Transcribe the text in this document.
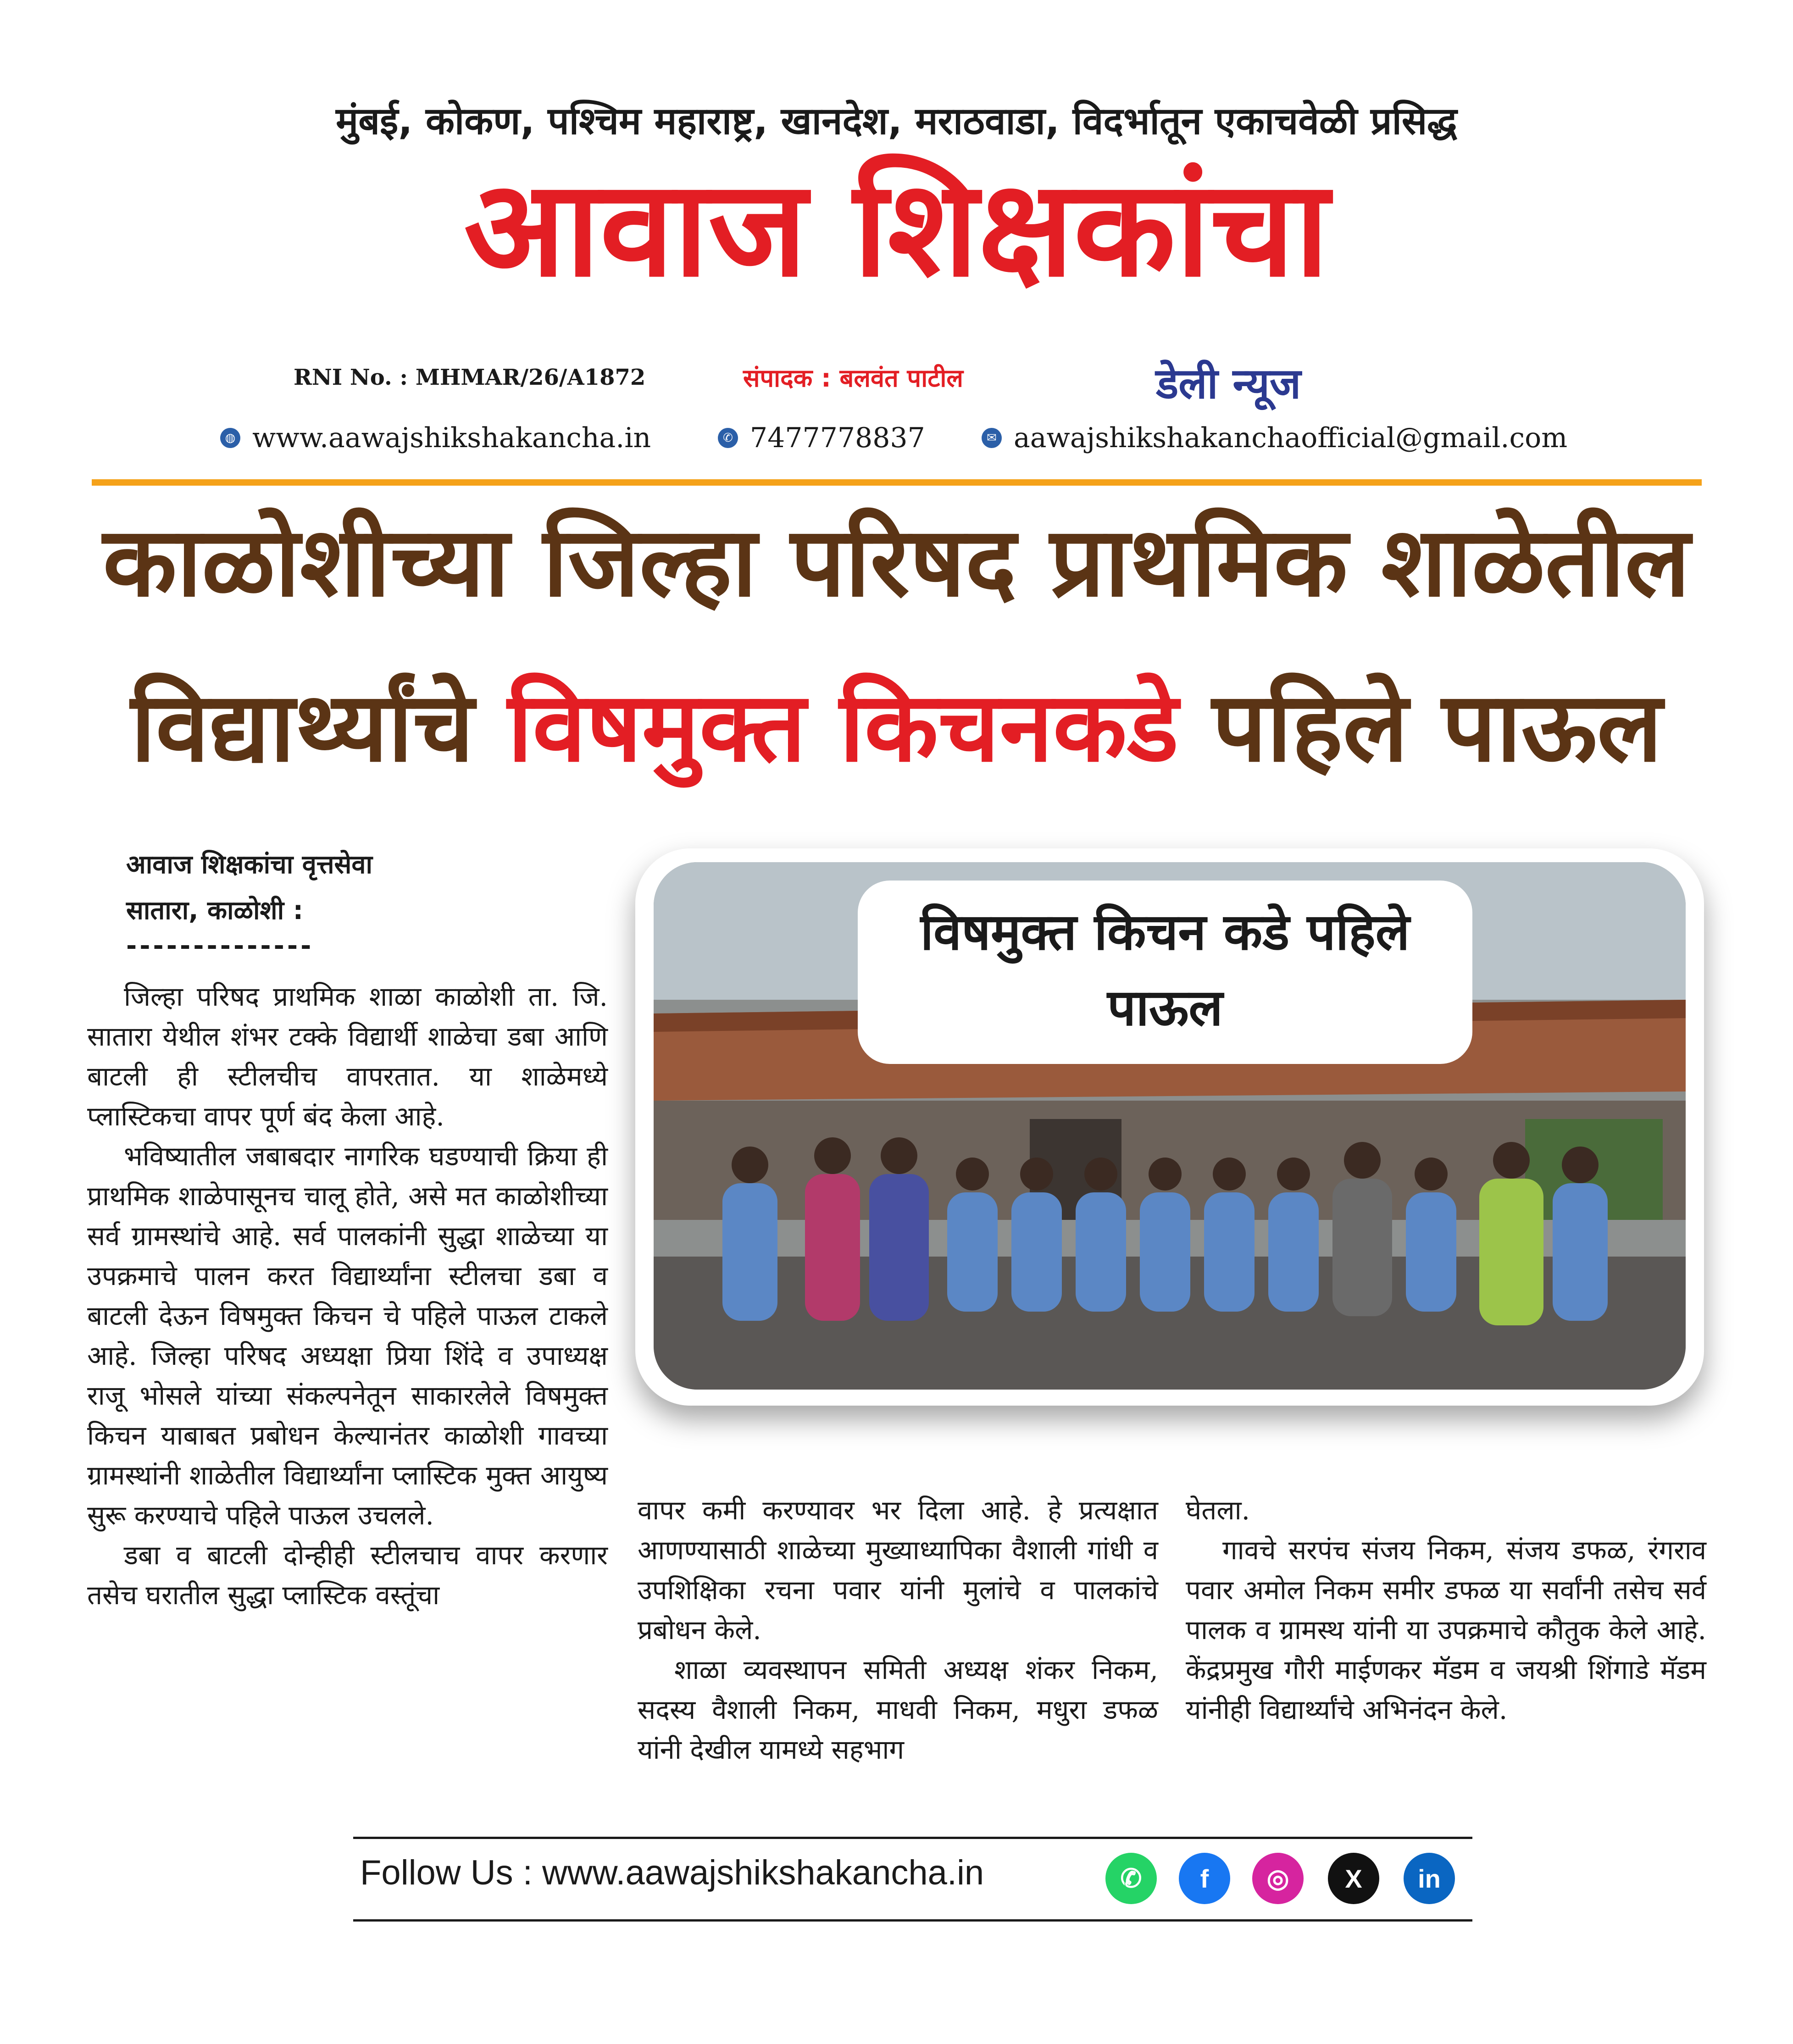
मुंबई, कोकण, पश्चिम महाराष्ट्र, खानदेश, मराठवाडा, विदर्भातून एकाचवेळी प्रसिद्ध
आवाज शिक्षकांचा
RNI No. : MHMAR/26/A1872	संपादक : बलवंत पाटील	डेली न्यूज
◍ www.aawajshikshakancha.in	✆ 7477778837	✉ aawajshikshakanchaofficial@gmail.com
काळोशीच्या जिल्हा परिषद प्राथमिक शाळेतील
विद्यार्थ्यांचे विषमुक्त किचनकडे पहिले पाऊल
आवाज शिक्षकांचा वृत्तसेवा
सातारा, काळोशी :
--------------

जिल्हा परिषद प्राथमिक शाळा काळोशी ता. जि. सातारा येथील शंभर टक्के विद्यार्थी शाळेचा डबा आणि बाटली ही स्टीलचीच वापरतात. या शाळेमध्ये प्लास्टिकचा वापर पूर्ण बंद केला आहे.

भविष्यातील जबाबदार नागरिक घडण्याची क्रिया ही प्राथमिक शाळेपासूनच चालू होते, असे मत काळोशीच्या सर्व ग्रामस्थांचे आहे. सर्व पालकांनी सुद्धा शाळेच्या या उपक्रमाचे पालन करत विद्यार्थ्यांना स्टीलचा डबा व बाटली देऊन विषमुक्त किचन चे पहिले पाऊल टाकले आहे. जिल्हा परिषद अध्यक्षा प्रिया शिंदे व उपाध्यक्ष राजू भोसले यांच्या संकल्पनेतून साकारलेले विषमुक्त किचन याबाबत प्रबोधन केल्यानंतर काळोशी गावच्या ग्रामस्थांनी शाळेतील विद्यार्थ्यांना प्लास्टिक मुक्त आयुष्य सुरू करण्याचे पहिले पाऊल उचलले.

डबा व बाटली दोन्हीही स्टीलचाच वापर करणार तसेच घरातील सुद्धा प्लास्टिक वस्तूंचा

विषमुक्त किचन कडे पहिले
पाऊल

वापर कमी करण्यावर भर दिला आहे. हे प्रत्यक्षात आणण्यासाठी शाळेच्या मुख्याध्यापिका वैशाली गांधी व उपशिक्षिका रचना पवार यांनी मुलांचे व पालकांचे प्रबोधन केले.

शाळा व्यवस्थापन समिती अध्यक्ष शंकर निकम, सदस्य वैशाली निकम, माधवी निकम, मधुरा डफळ यांनी देखील यामध्ये सहभाग

घेतला.

गावचे सरपंच संजय निकम, संजय डफळ, रंगराव पवार अमोल निकम समीर डफळ या सर्वांनी तसेच सर्व पालक व ग्रामस्थ यांनी या उपक्रमाचे कौतुक केले आहे. केंद्रप्रमुख गौरी माईणकर मॅडम व जयश्री शिंगाडे मॅडम यांनीही विद्यार्थ्यांचे अभिनंदन केले.

Follow Us : www.aawajshikshakancha.in	✆ f ◎ X in
